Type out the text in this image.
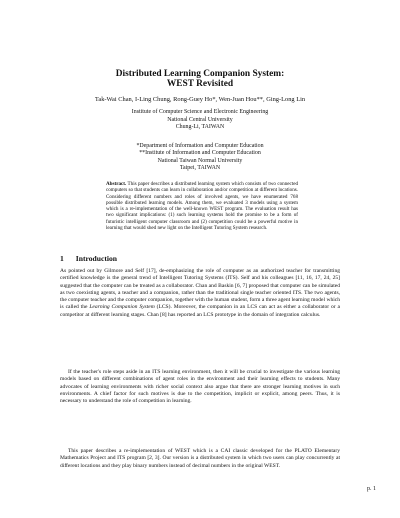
Distributed Learning Companion System:
WEST Revisited
Tak-Wai Chan, I-Ling Chung, Rong-Guey Ho*, Wen-Juan Hou**, Ging-Long Lin
Institute of Computer Science and Electronic Engineering
National Central University
Chung-Li, TAIWAN
*Department of Information and Computer Education
**Institute of Information and Computer Education
National Taiwan Normal University
Taipei, TAIWAN
Abstract. This paper describes a distributed learning system which consists of two connected computers so that students can learn in collaboration and/or competition at different locations. Considering different numbers and roles of involved agents, we have enumerated 768 possible distributed learning models. Among them, we evaluated 3 models using a system which is a re-implementation of the well-known WEST program. The evaluation result has two significant implications: (1) such learning systems hold the promise to be a form of futuristic intelligent computer classroom and (2) competition could be a powerful motive in learning that would shed new light on the Intelligent Tutoring System research.
1 Introduction
As pointed out by Gilmore and Self [17], de-emphasizing the role of computer as an authorized teacher for transmitting certified knowledge is the general trend of Intelligent Tutoring Systems (ITS). Self and his colleagues [11, 16, 17, 24, 25] suggested that the computer can be treated as a collaborator. Chan and Baskin [6, 7] proposed that computer can be simulated as two coexisting agents, a teacher and a companion, rather than the traditional single teacher oriented ITS. The two agents, the computer teacher and the computer companion, together with the human student, form a three agent learning model which is called the Learning Companion System (LCS). Moreover, the companion in an LCS can act as either a collaborator or a competitor at different learning stages. Chan [8] has reported an LCS prototype in the domain of integration calculus.
If the teacher's role steps aside in an ITS learning environment, then it will be crucial to investigate the various learning models based on different combinations of agent roles in the environment and their learning effects to students. Many advocates of learning environments with richer social context also argue that there are stronger learning motives in such environments. A chief factor for such motives is due to the competition, implicit or explicit, among peers. Thus, it is necessary to understand the role of competition in learning.
This paper describes a re-implementation of WEST which is a CAI classic developed for the PLATO Elementary Mathematics Project and ITS program [2, 3]. Our version is a distributed system in which two users can play concurrently at different locations and they play binary numbers instead of decimal numbers in the original WEST.
p. 1
